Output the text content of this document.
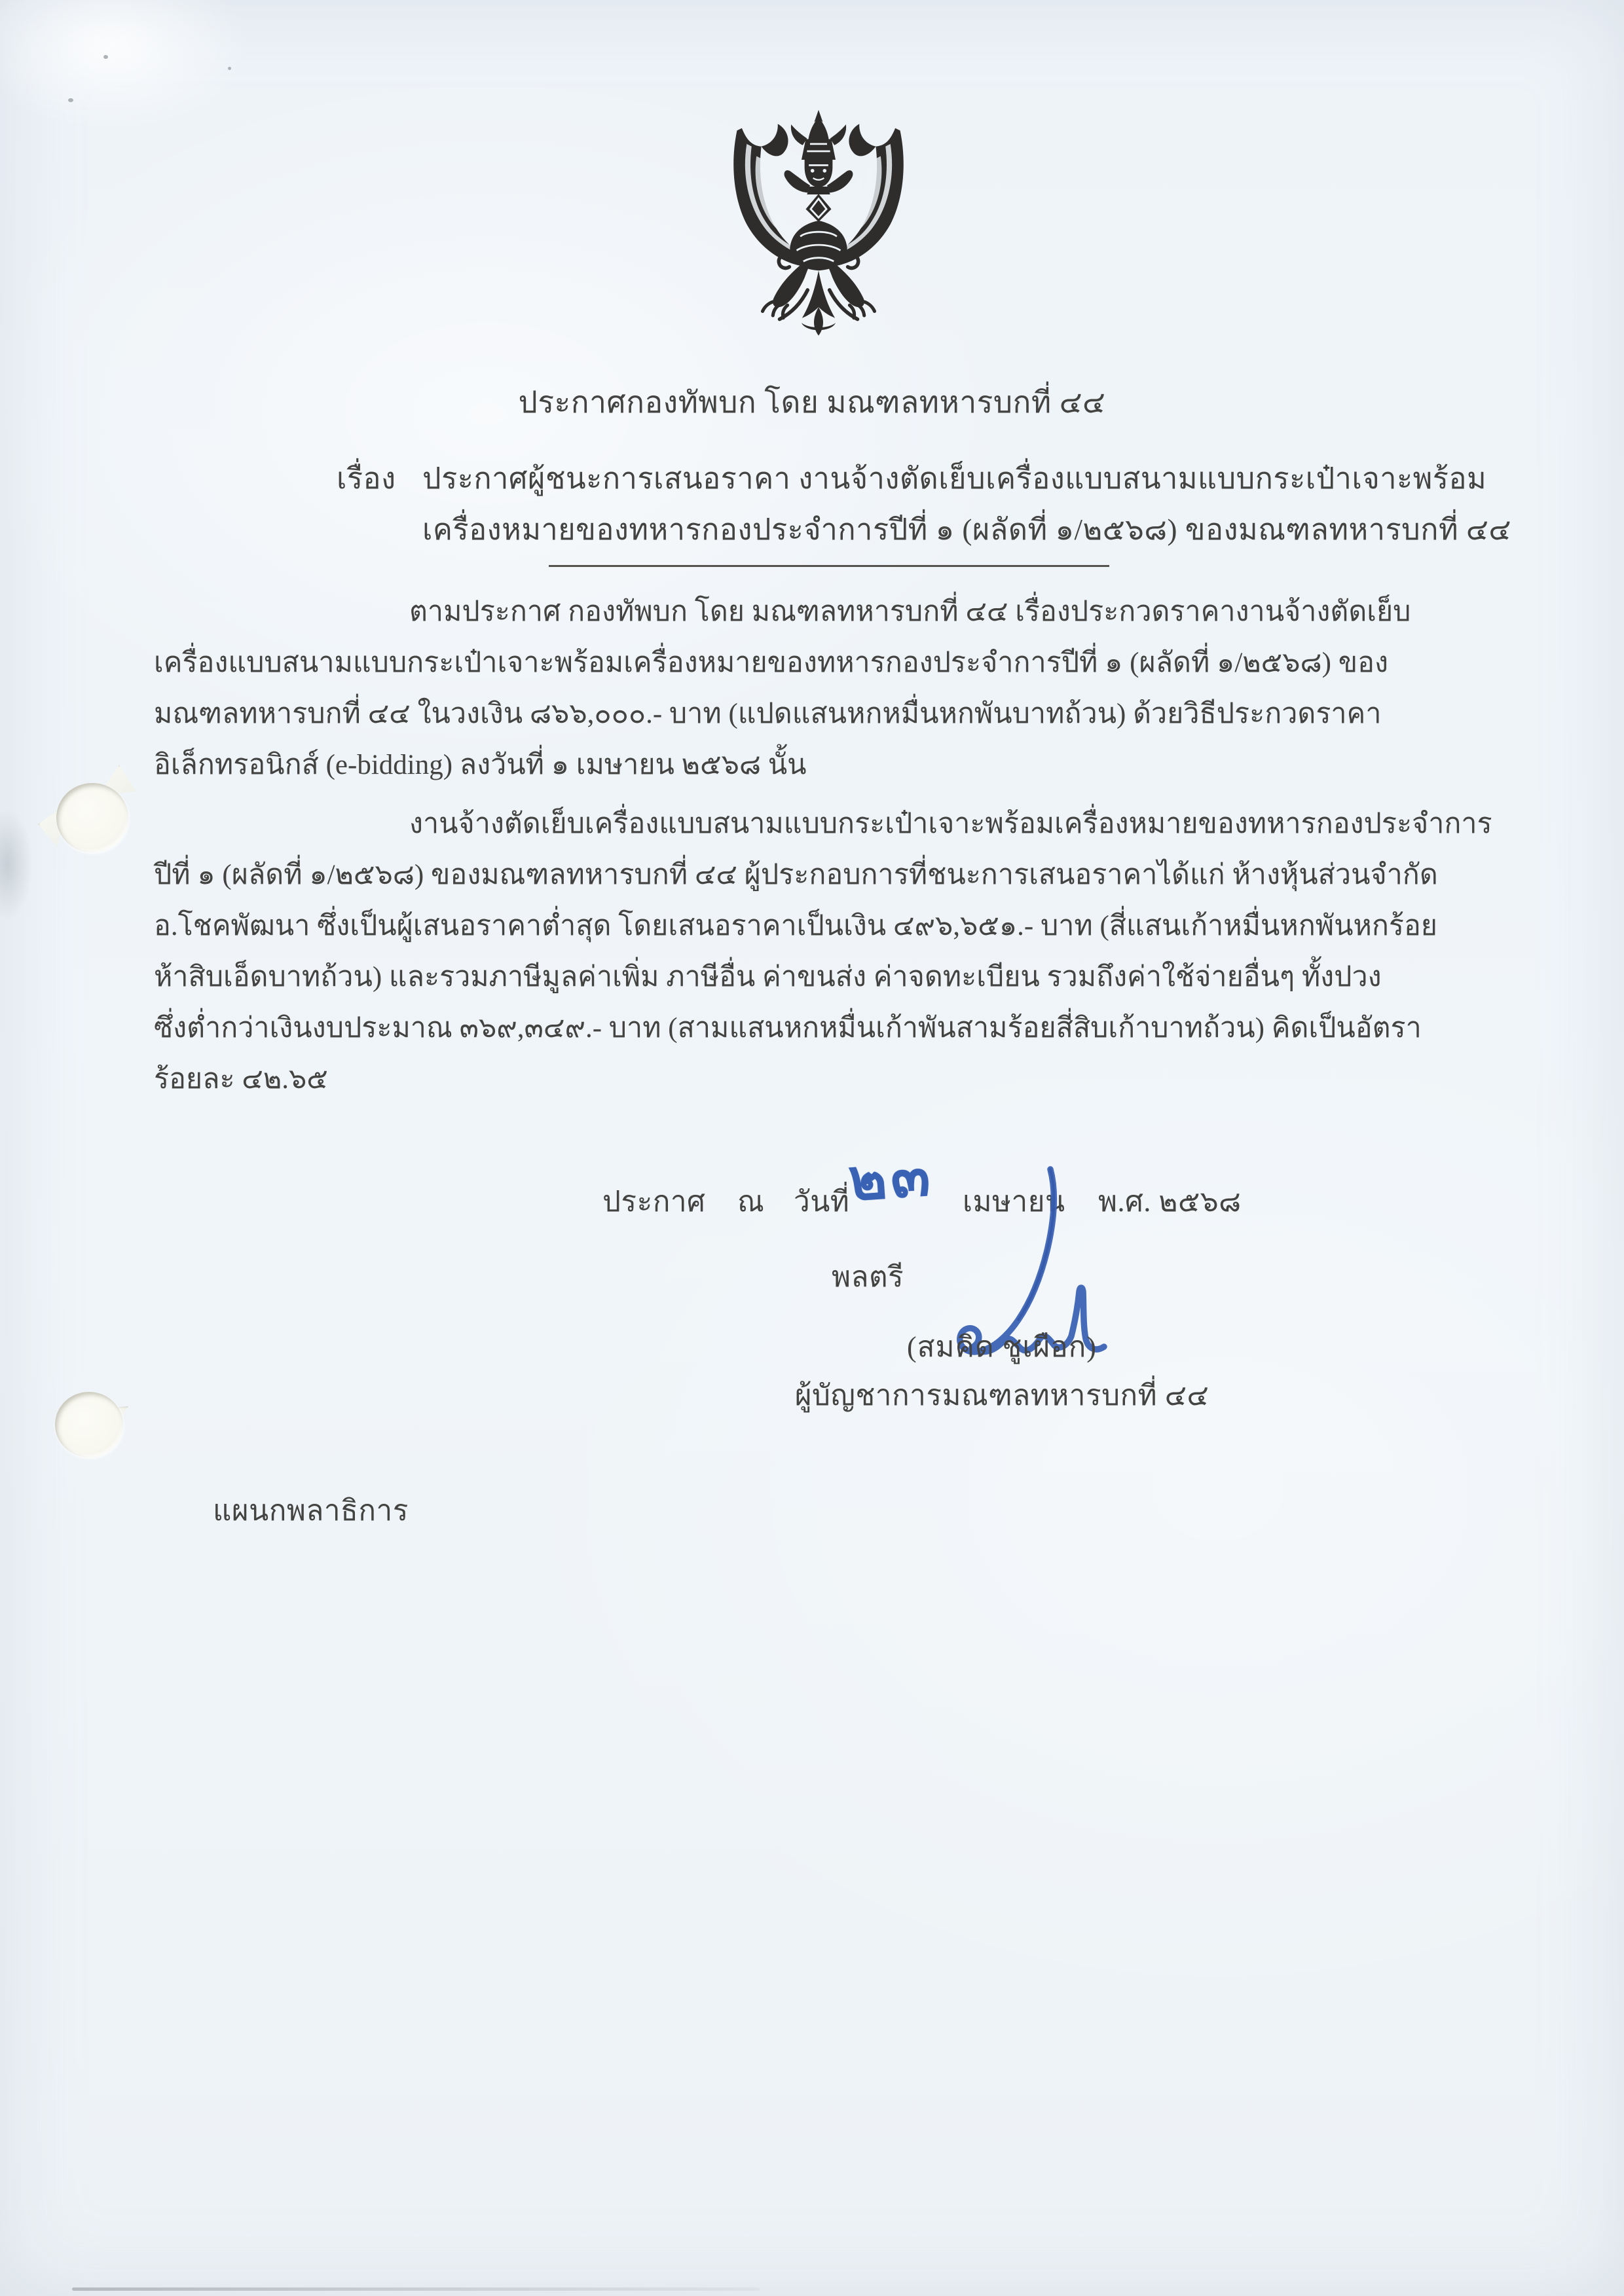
ประกาศกองทัพบก โดย มณฑลทหารบกที่ ๔๔
เรื่อง ประกาศผู้ชนะการเสนอราคา งานจ้างตัดเย็บเครื่องแบบสนามแบบกระเป๋าเจาะพร้อม
เครื่องหมายของทหารกองประจำการปีที่ ๑ (ผลัดที่ ๑/๒๕๖๘) ของมณฑลทหารบกที่ ๔๔
ตามประกาศ กองทัพบก โดย มณฑลทหารบกที่ ๔๔ เรื่องประกวดราคางานจ้างตัดเย็บ
เครื่องแบบสนามแบบกระเป๋าเจาะพร้อมเครื่องหมายของทหารกองประจำการปีที่ ๑ (ผลัดที่ ๑/๒๕๖๘) ของ
มณฑลทหารบกที่ ๔๔ ในวงเงิน ๘๖๖,๐๐๐.- บาท (แปดแสนหกหมื่นหกพันบาทถ้วน) ด้วยวิธีประกวดราคา
อิเล็กทรอนิกส์ (e-bidding) ลงวันที่ ๑ เมษายน ๒๕๖๘ นั้น
งานจ้างตัดเย็บเครื่องแบบสนามแบบกระเป๋าเจาะพร้อมเครื่องหมายของทหารกองประจำการ
ปีที่ ๑ (ผลัดที่ ๑/๒๕๖๘) ของมณฑลทหารบกที่ ๔๔ ผู้ประกอบการที่ชนะการเสนอราคาได้แก่ ห้างหุ้นส่วนจำกัด
อ.โชคพัฒนา ซึ่งเป็นผู้เสนอราคาต่ำสุด โดยเสนอราคาเป็นเงิน ๔๙๖,๖๕๑.- บาท (สี่แสนเก้าหมื่นหกพันหกร้อย
ห้าสิบเอ็ดบาทถ้วน) และรวมภาษีมูลค่าเพิ่ม ภาษีอื่น ค่าขนส่ง ค่าจดทะเบียน รวมถึงค่าใช้จ่ายอื่นๆ ทั้งปวง
ซึ่งต่ำกว่าเงินงบประมาณ ๓๖๙,๓๔๙.- บาท (สามแสนหกหมื่นเก้าพันสามร้อยสี่สิบเก้าบาทถ้วน) คิดเป็นอัตรา
ร้อยละ ๔๒.๖๕
ประกาศ ณ วันที่
๒๓ เมษายน พ.ศ. ๒๕๖๘
พลตรี
(สมคิด ชูเผือก)
ผู้บัญชาการมณฑลทหารบกที่ ๔๔
แผนกพลาธิการ
